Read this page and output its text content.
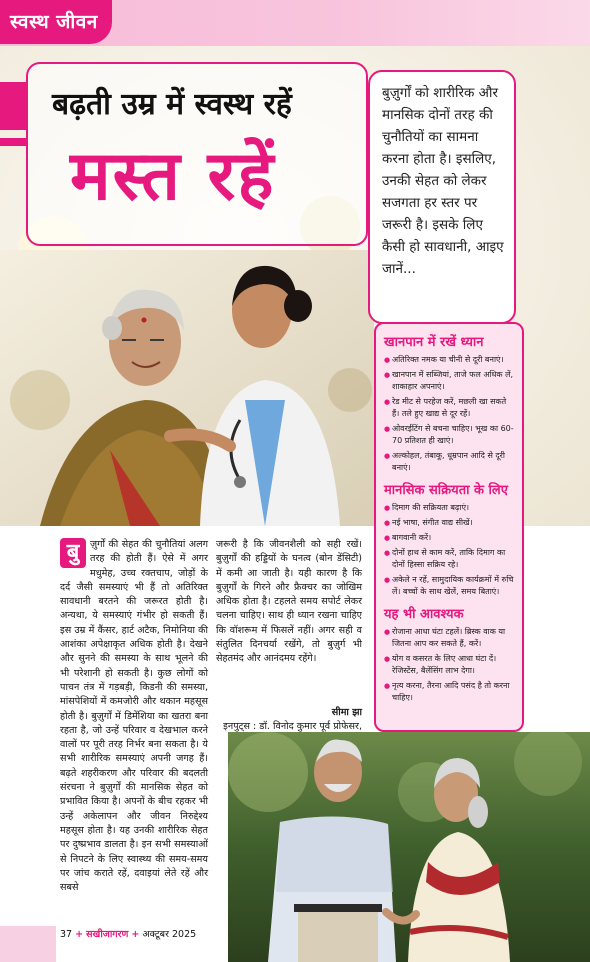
स्वस्थ जीवन
बढ़ती उम्र में स्वस्थ रहें
मस्त रहें
बुज़ुर्गों को शारीरिक और मानसिक दोनों तरह की चुनौतियों का सामना करना होता है। इसलिए, उनकी सेहत को लेकर सजगता हर स्तर पर जरूरी है। इसके लिए कैसी हो सावधानी, आइए जानें...
खानपान में रखें ध्यान
● अतिरिक्त नमक या चीनी से दूरी बनाएं।
● खानपान में सब्जियां, ताजे फल अधिक लें, शाकाहार अपनाएं।
● रेड मीट से परहेज करें, मछली खा सकते हैं। तले हुए खाद्य से दूर रहें।
● ओवरईटिंग से बचना चाहिए। भूख का 60-70 प्रतिशत ही खाएं।
● अल्कोहल, तंबाकू, धूम्रपान आदि से दूरी बनाएं।
मानसिक सक्रियता के लिए
● दिमाग की सक्रियता बढ़ाएं।
● नई भाषा, संगीत वाद्य सीखें।
● बागवानी करें।
● दोनों हाथ से काम करें, ताकि दिमाग का दोनों हिस्सा सक्रिय रहे।
● अकेले न रहें, सामुदायिक कार्यक्रमों में रुचि लें। बच्चों के साथ खेलें, समय बिताएं।
यह भी आवश्यक
● रोजाना आधा घंटा टहलें। ब्रिस्क वाक या जितना आप कर सकते हैं, करें।
● योग व कसरत के लिए आधा घंटा दें। रेजिस्टेंस, बैलेंसिंग लाभ देगा।
● नृत्य करना, तैरना आदि पसंद है तो करना चाहिए।
बु	ज़ुर्गों की सेहत की चुनौतियां अलग तरह की होती हैं। ऐसे में अगर मधुमेह, उच्च रक्तचाप, जोड़ों के दर्द जैसी समस्याएं भी हैं तो अतिरिक्त सावधानी बरतने की जरूरत होती है। अन्यथा, ये समस्याएं गंभीर हो सकती हैं। इस उम्र में कैंसर, हार्ट अटैक, निमोनिया की आशंका अपेक्षाकृत अधिक होती है। देखने और सुनने की समस्या के साथ भूलने की भी परेशानी हो सकती है। कुछ लोगों को पाचन तंत्र में गड़बड़ी, किडनी की समस्या, मांसपेशियों में कमजोरी और थकान महसूस होती है। बुज़ुर्गों में डिमेंशिया का खतरा बना रहता है, जो उन्हें परिवार व देखभाल करने वालों पर पूरी तरह निर्भर बना सकता है। ये सभी शारीरिक समस्याएं अपनी जगह हैं। बढ़ते शहरीकरण और परिवार की बदलती संरचना ने बुज़ुर्गों की मानसिक सेहत को प्रभावित किया है। अपनों के बीच रहकर भी उन्हें अकेलापन और जीवन निरुद्देश्य महसूस होता है। यह उनकी शारीरिक सेहत पर दुष्प्रभाव डालता है। इन सभी समस्याओं से निपटने के लिए स्वास्थ्य की समय-समय पर जांच कराते रहें, दवाइयां लेते रहें और सबसे
जरूरी है कि जीवनशैली को सही रखें। बुज़ुर्गों की हड्डियों के घनत्व (बोन डेंसिटी) में कमी आ जाती है। यही कारण है कि बुज़ुर्गों के गिरने और फ्रैक्चर का जोखिम अधिक होता है। टहलते समय सपोर्ट लेकर चलना चाहिए। साथ ही ध्यान रखना चाहिए कि वॉशरूम में फिसलें नहीं। अगर सही व संतुलित दिनचर्या रखेंगे, तो बुज़ुर्ग भी सेहतमंद और आनंदमय रहेंगे।
सीमा झा
इनपुट्स : डॉ. विनोद कुमार पूर्व प्रोफेसर,
37 + सखीजागरण + अक्टूबर 2025
